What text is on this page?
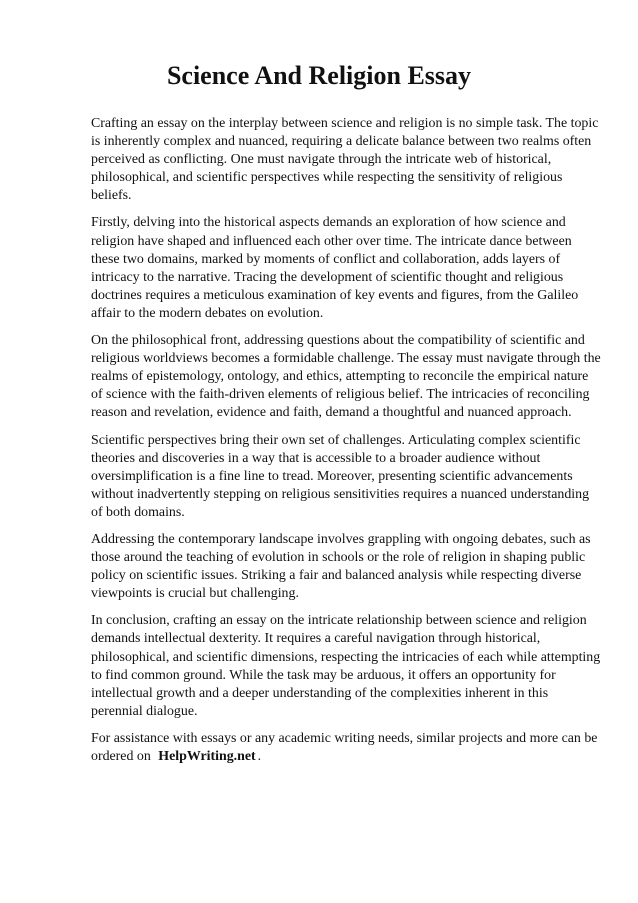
Science And Religion Essay

Crafting an essay on the interplay between science and religion is no simple task. The topic is inherently complex and nuanced, requiring a delicate balance between two realms often perceived as conflicting. One must navigate through the intricate web of historical, philosophical, and scientific perspectives while respecting the sensitivity of religious beliefs.

Firstly, delving into the historical aspects demands an exploration of how science and religion have shaped and influenced each other over time. The intricate dance between these two domains, marked by moments of conflict and collaboration, adds layers of intricacy to the narrative. Tracing the development of scientific thought and religious doctrines requires a meticulous examination of key events and figures, from the Galileo affair to the modern debates on evolution.

On the philosophical front, addressing questions about the compatibility of scientific and religious worldviews becomes a formidable challenge. The essay must navigate through the realms of epistemology, ontology, and ethics, attempting to reconcile the empirical nature of science with the faith-driven elements of religious belief. The intricacies of reconciling reason and revelation, evidence and faith, demand a thoughtful and nuanced approach.

Scientific perspectives bring their own set of challenges. Articulating complex scientific theories and discoveries in a way that is accessible to a broader audience without oversimplification is a fine line to tread. Moreover, presenting scientific advancements without inadvertently stepping on religious sensitivities requires a nuanced understanding of both domains.

Addressing the contemporary landscape involves grappling with ongoing debates, such as those around the teaching of evolution in schools or the role of religion in shaping public policy on scientific issues. Striking a fair and balanced analysis while respecting diverse viewpoints is crucial but challenging.

In conclusion, crafting an essay on the intricate relationship between science and religion demands intellectual dexterity. It requires a careful navigation through historical, philosophical, and scientific dimensions, respecting the intricacies of each while attempting to find common ground. While the task may be arduous, it offers an opportunity for intellectual growth and a deeper understanding of the complexities inherent in this perennial dialogue.

For assistance with essays or any academic writing needs, similar projects and more can be ordered on HelpWriting.net .
